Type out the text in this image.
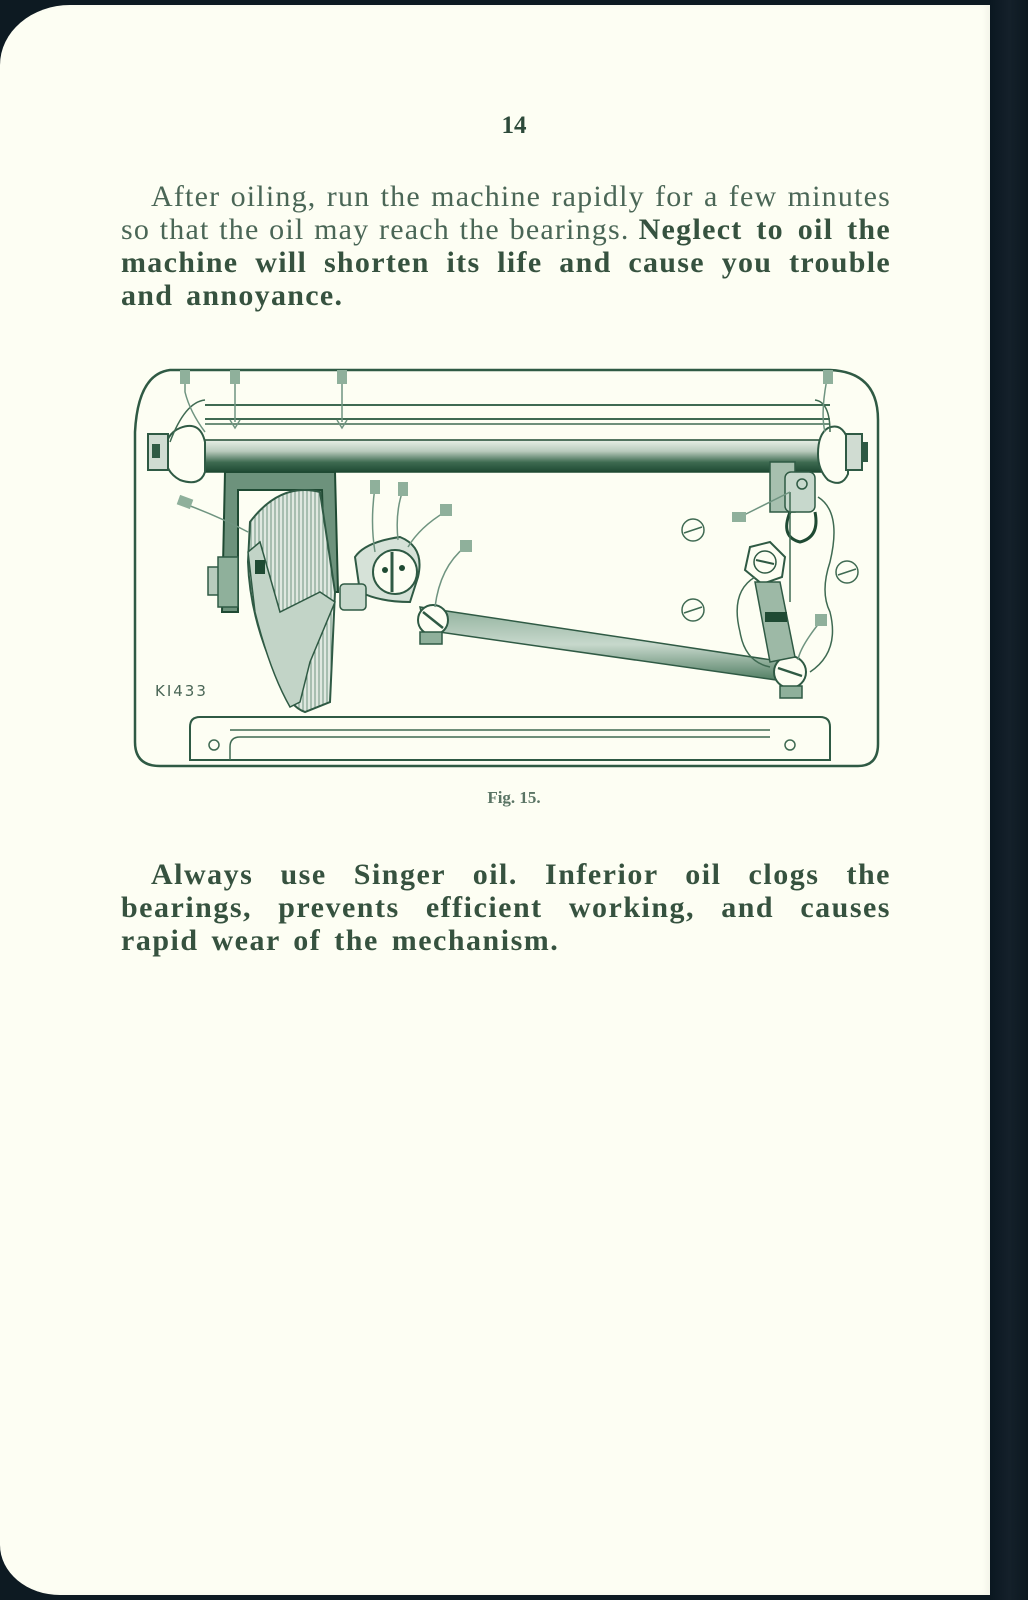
14
After oiling, run the machine rapidly for a few minutes so that the oil may reach the bearings. Neglect to oil the machine will shorten its life and cause you trouble and annoyance.
KI433
Fig. 15.
Always use Singer oil. Inferior oil clogs the bearings, prevents efficient working, and causes rapid wear of the mechanism.
